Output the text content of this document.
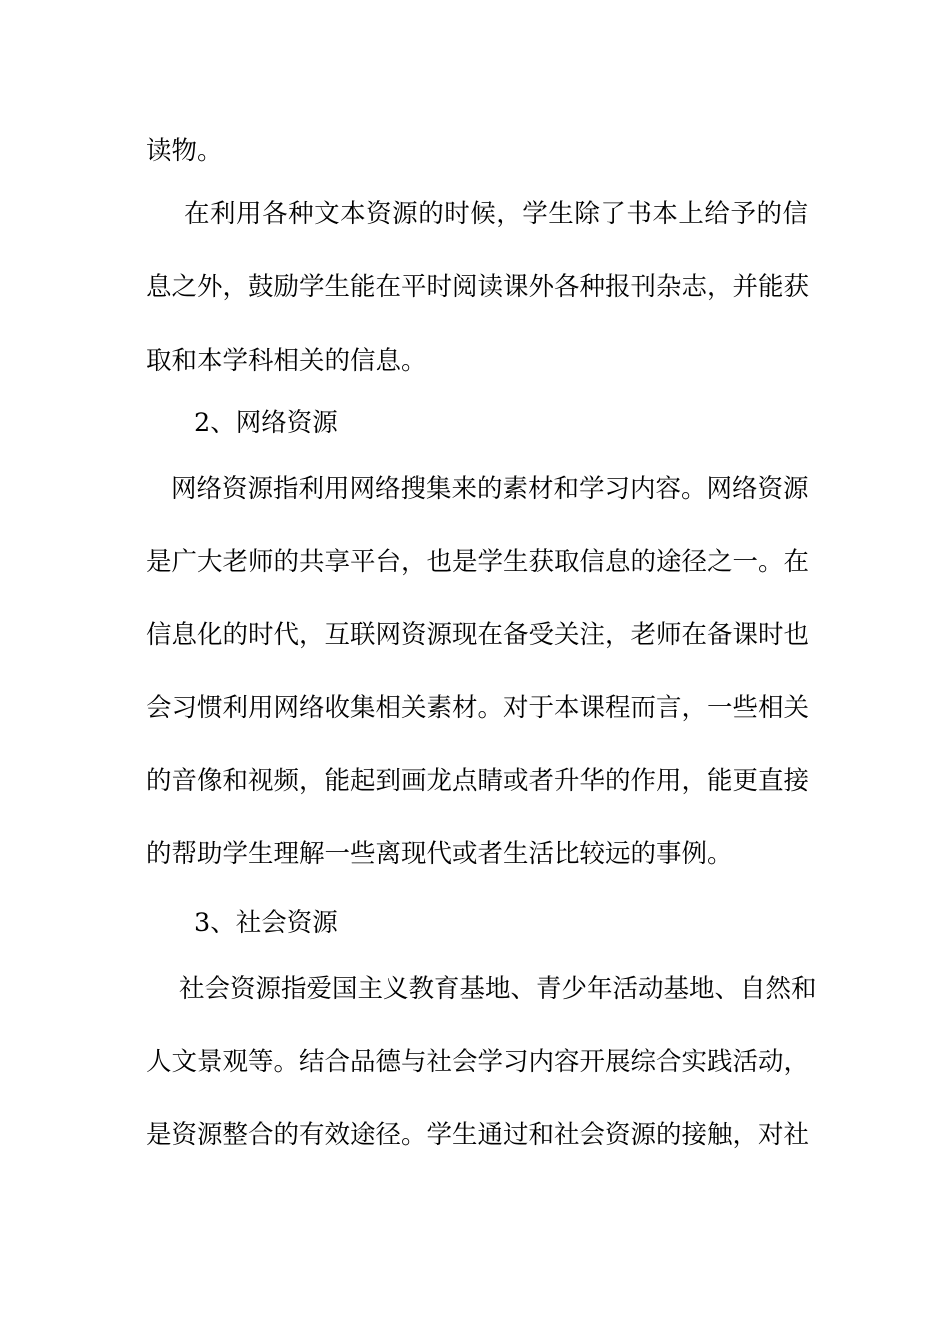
读物。
在利用各种文本资源的时候，学生除了书本上给予的信
息之外，鼓励学生能在平时阅读课外各种报刊杂志，并能获
取和本学科相关的信息。
2、网络资源
网络资源指利用网络搜集来的素材和学习内容。网络资源
是广大老师的共享平台，也是学生获取信息的途径之一。在
信息化的时代，互联网资源现在备受关注，老师在备课时也
会习惯利用网络收集相关素材。对于本课程而言，一些相关
的音像和视频，能起到画龙点睛或者升华的作用，能更直接
的帮助学生理解一些离现代或者生活比较远的事例。
3、社会资源
社会资源指爱国主义教育基地、青少年活动基地、自然和
人文景观等。结合品德与社会学习内容开展综合实践活动，
是资源整合的有效途径。学生通过和社会资源的接触，对社
